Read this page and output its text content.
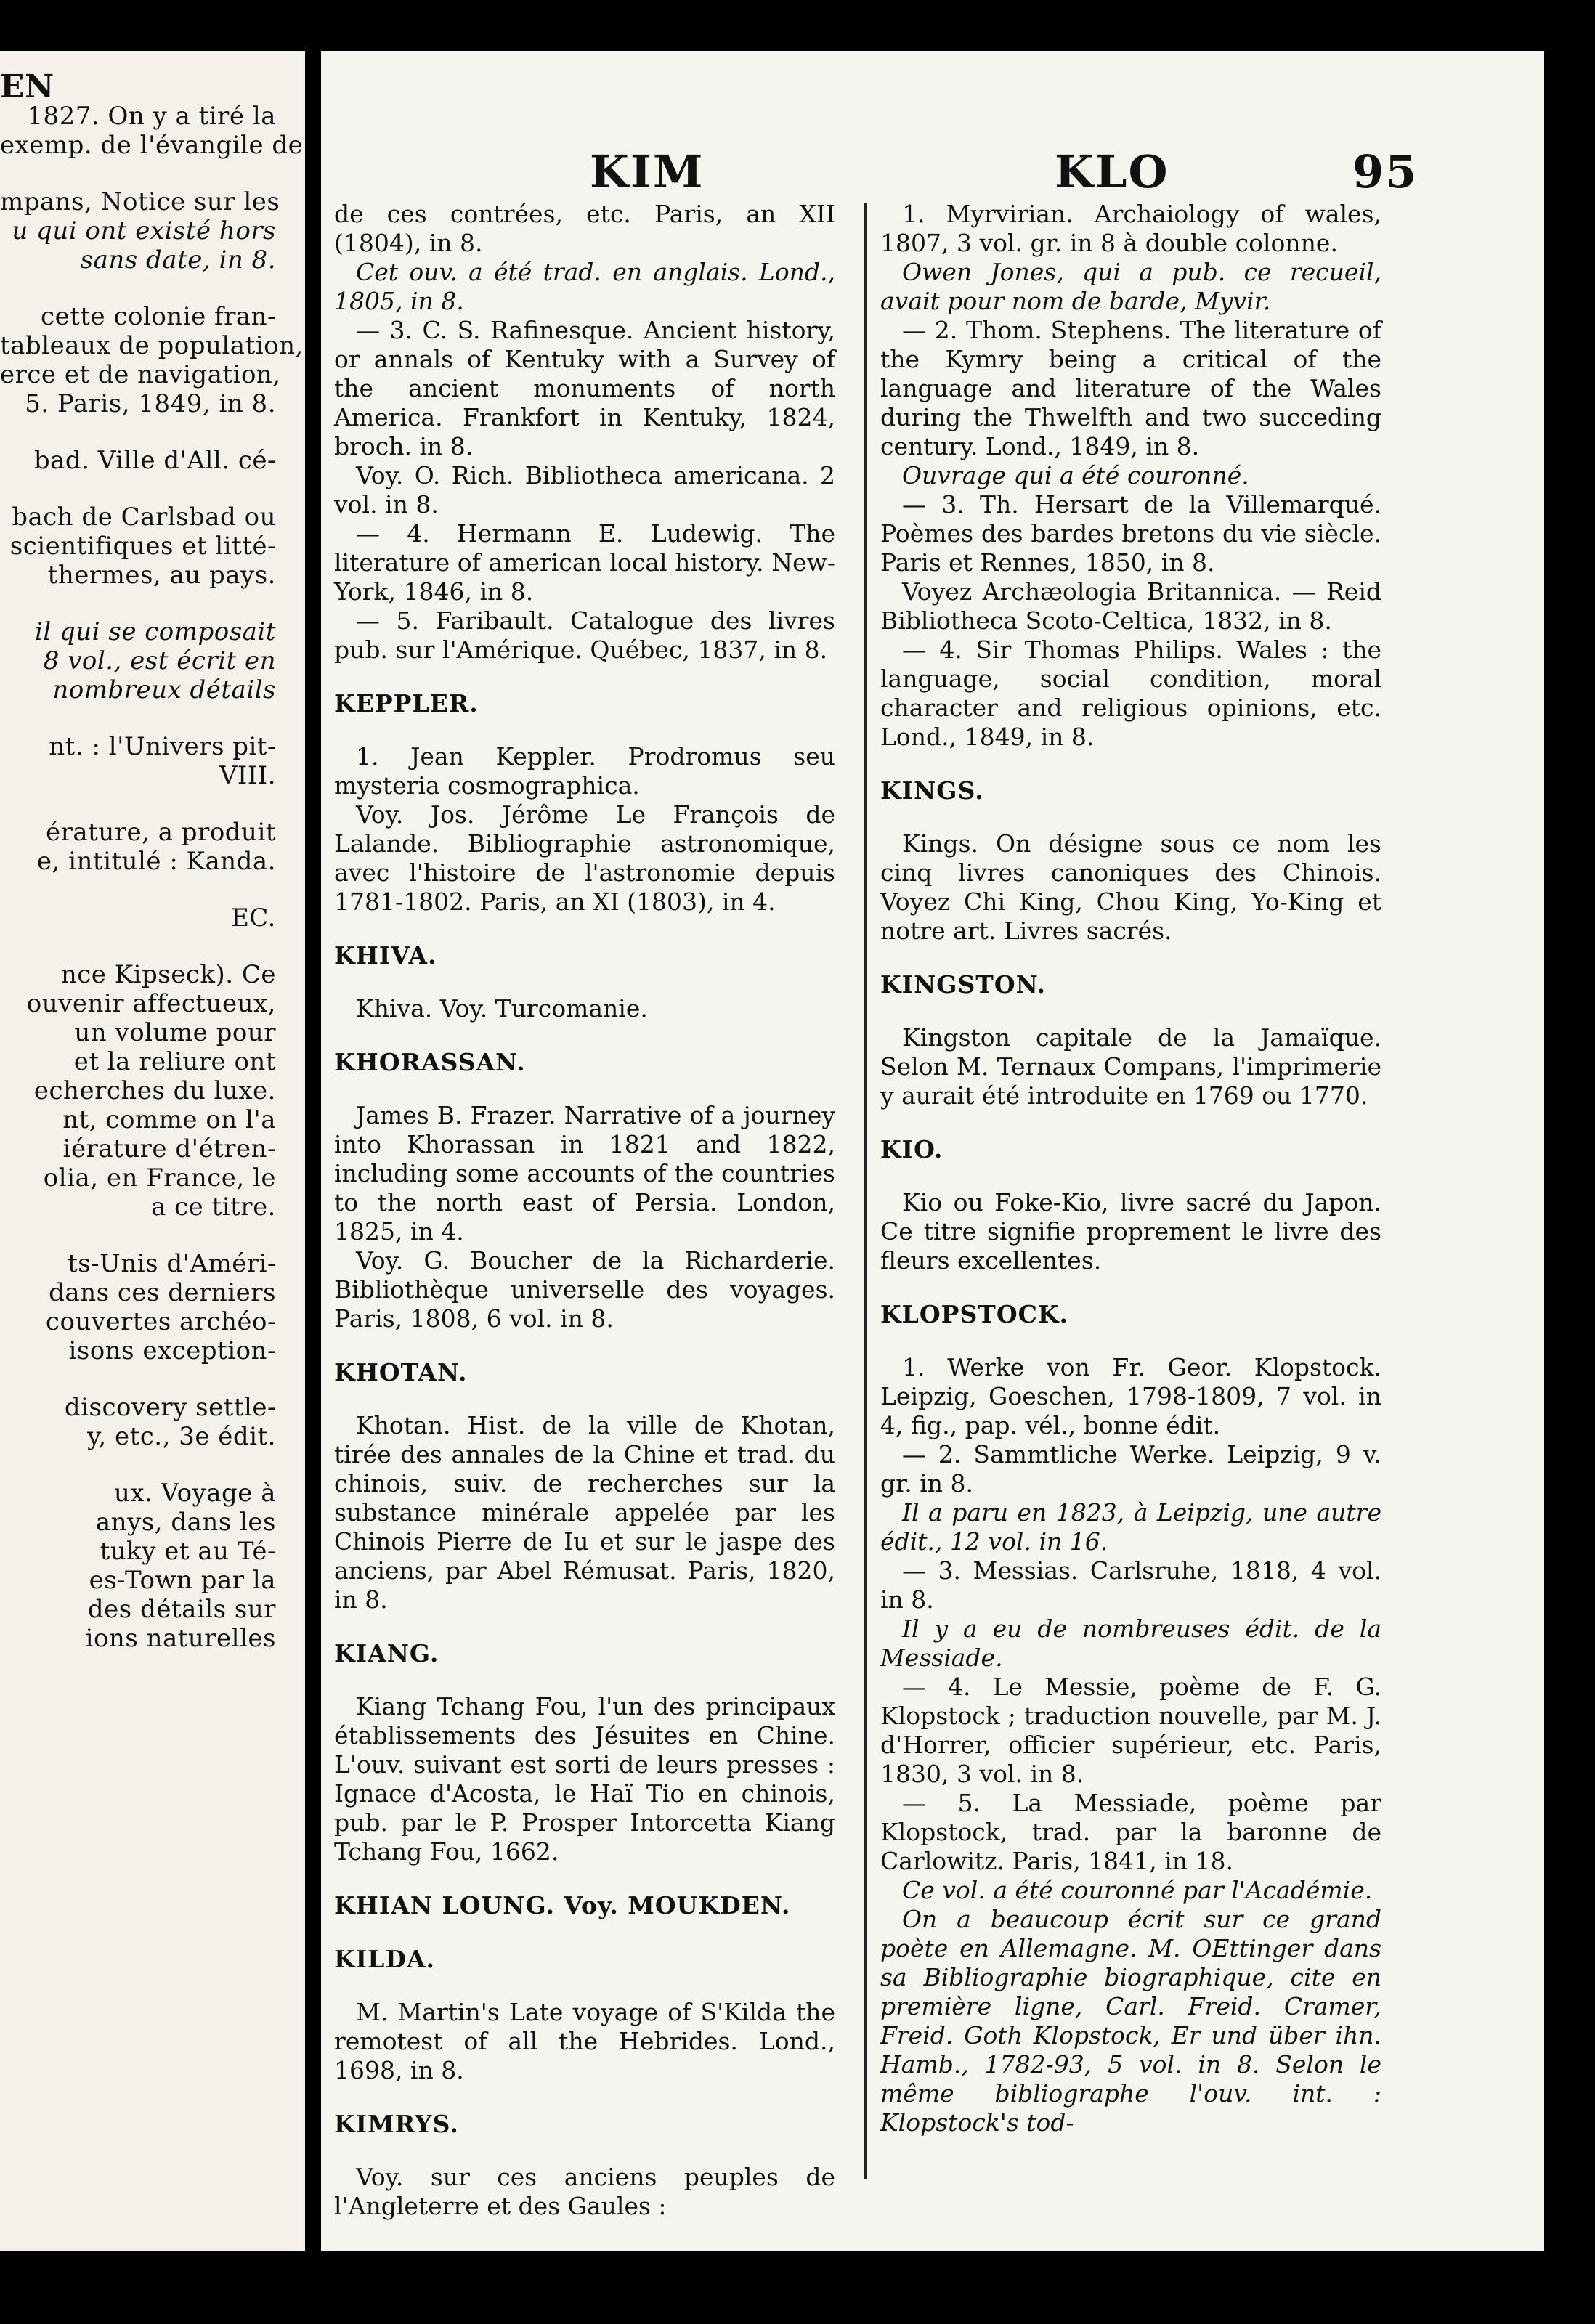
EN
1827. On y a tiré la
exemp. de l'évangile de
mpans, Notice sur les
u qui ont existé hors
sans date, in 8.
cette colonie fran-
tableaux de population,
erce et de navigation,
5. Paris, 1849, in 8.
bad. Ville d'All. cé-
bach de Carlsbad ou
scientifiques et litté-
thermes, au pays.
il qui se composait
8 vol., est écrit en
nombreux détails
nt. : l'Univers pit-
VIII.
érature, a produit
e, intitulé : Kanda.
EC.
nce Kipseck). Ce
ouvenir affectueux,
un volume pour
et la reliure ont
echerches du luxe.
nt, comme on l'a
iérature d'étren-
olia, en France, le
a ce titre.
ts-Unis d'Améri-
dans ces derniers
couvertes archéo-
isons exception-
discovery settle-
y, etc., 3e édit.
ux. Voyage à
anys, dans les
tuky et au Té-
es-Town par la
des détails sur
ions naturelles
KIM	KLO	95

de ces contrées, etc. Paris, an XII (1804), in 8.

Cet ouv. a été trad. en anglais. Lond., 1805, in 8.

— 3. C. S. Rafinesque. Ancient history, or annals of Kentuky with a Survey of the ancient monuments of north America. Frankfort in Kentuky, 1824, broch. in 8.

Voy. O. Rich. Bibliotheca americana. 2 vol. in 8.

— 4. Hermann E. Ludewig. The literature of american local history. New-York, 1846, in 8.

— 5. Faribault. Catalogue des livres pub. sur l'Amérique. Québec, 1837, in 8.

KEPPLER.

1. Jean Keppler. Prodromus seu mysteria cosmographica.

Voy. Jos. Jérôme Le François de Lalande. Bibliographie astronomique, avec l'histoire de l'astronomie depuis 1781-1802. Paris, an XI (1803), in 4.

KHIVA.

Khiva. Voy. Turcomanie.

KHORASSAN.

James B. Frazer. Narrative of a journey into Khorassan in 1821 and 1822, including some accounts of the countries to the north east of Persia. London, 1825, in 4.

Voy. G. Boucher de la Richarderie. Bibliothèque universelle des voyages. Paris, 1808, 6 vol. in 8.

KHOTAN.

Khotan. Hist. de la ville de Khotan, tirée des annales de la Chine et trad. du chinois, suiv. de recherches sur la substance minérale appelée par les Chinois Pierre de Iu et sur le jaspe des anciens, par Abel Rémusat. Paris, 1820, in 8.

KIANG.

Kiang Tchang Fou, l'un des principaux établissements des Jésuites en Chine. L'ouv. suivant est sorti de leurs presses : Ignace d'Acosta, le Haï Tio en chinois, pub. par le P. Prosper Intorcetta Kiang Tchang Fou, 1662.

KHIAN LOUNG. Voy. MOUKDEN.

KILDA.

M. Martin's Late voyage of S'Kilda the remotest of all the Hebrides. Lond., 1698, in 8.

KIMRYS.

Voy. sur ces anciens peuples de l'Angleterre et des Gaules :

1. Myrvirian. Archaiology of wales, 1807, 3 vol. gr. in 8 à double colonne.

Owen Jones, qui a pub. ce recueil, avait pour nom de barde, Myvir.

— 2. Thom. Stephens. The literature of the Kymry being a critical of the language and literature of the Wales during the Thwelfth and two succeding century. Lond., 1849, in 8.

Ouvrage qui a été couronné.

— 3. Th. Hersart de la Villemarqué. Poèmes des bardes bretons du vie siècle. Paris et Rennes, 1850, in 8.

Voyez Archæologia Britannica. — Reid Bibliotheca Scoto-Celtica, 1832, in 8.

— 4. Sir Thomas Philips. Wales : the language, social condition, moral character and religious opinions, etc. Lond., 1849, in 8.

KINGS.

Kings. On désigne sous ce nom les cinq livres canoniques des Chinois. Voyez Chi King, Chou King, Yo-King et notre art. Livres sacrés.

KINGSTON.

Kingston capitale de la Jamaïque. Selon M. Ternaux Compans, l'imprimerie y aurait été introduite en 1769 ou 1770.

KIO.

Kio ou Foke-Kio, livre sacré du Japon. Ce titre signifie proprement le livre des fleurs excellentes.

KLOPSTOCK.

1. Werke von Fr. Geor. Klopstock. Leipzig, Goeschen, 1798-1809, 7 vol. in 4, fig., pap. vél., bonne édit.

— 2. Sammtliche Werke. Leipzig, 9 v. gr. in 8.

Il a paru en 1823, à Leipzig, une autre édit., 12 vol. in 16.

— 3. Messias. Carlsruhe, 1818, 4 vol. in 8.

Il y a eu de nombreuses édit. de la Messiade.

— 4. Le Messie, poème de F. G. Klopstock ; traduction nouvelle, par M. J. d'Horrer, officier supérieur, etc. Paris, 1830, 3 vol. in 8.

— 5. La Messiade, poème par Klopstock, trad. par la baronne de Carlowitz. Paris, 1841, in 18.

Ce vol. a été couronné par l'Académie.

On a beaucoup écrit sur ce grand poète en Allemagne. M. OEttinger dans sa Bibliographie biographique, cite en première ligne, Carl. Freid. Cramer, Freid. Goth Klopstock, Er und über ihn. Hamb., 1782-93, 5 vol. in 8. Selon le même bibliographe l'ouv. int. : Klopstock's tod-
